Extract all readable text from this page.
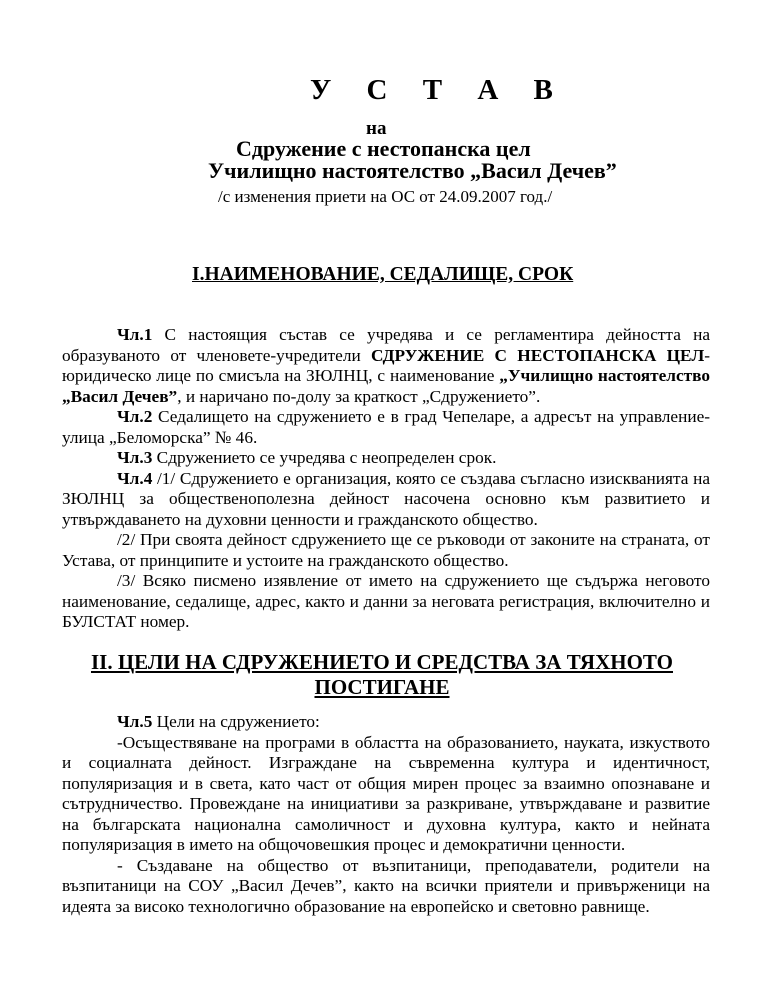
У С Т А В
на
Сдружение с нестопанска цел
Училищно настоятелство „Васил Дечев”
/с изменения приети на ОС от 24.09.2007 год./
I.НАИМЕНОВАНИЕ, СЕДАЛИЩЕ, СРОК

Чл.1 С настоящия състав се учредява и се регламентира дейността на образуваното от членовете-учредители СДРУЖЕНИЕ С НЕСТОПАНСКА ЦЕЛ-юридическо лице по смисъла на ЗЮЛНЦ, с наименование „Училищно настоятелство „Васил Дечев”, и наричано по-долу за краткост „Сдружението”.

Чл.2 Седалището на сдружението е в град Чепеларе, а адресът на управление-улица „Беломорска” № 46.

Чл.3 Сдружението се учредява с неопределен срок.

Чл.4 /1/ Сдружението е организация, която се създава съгласно изискванията на ЗЮЛНЦ за общественополезна дейност насочена основно към развитието и утвърждаването на духовни ценности и гражданското общество.

/2/ При своята дейност сдружението ще се ръководи от законите на страната, от Устава, от принципите и устоите на гражданското общество.

/3/ Всяко писмено изявление от името на сдружението ще съдържа неговото наименование, седалище, адрес, както и данни за неговата регистрация, включително и БУЛСТАТ номер.

II. ЦЕЛИ НА СДРУЖЕНИЕТО И СРЕДСТВА ЗА ТЯХНОТО
ПОСТИГАНЕ

Чл.5 Цели на сдружението:

-Осъществяване на програми в областта на образованието, науката, изкуството и социалната дейност. Изграждане на съвременна култура и идентичност, популяризация и в света, като част от общия мирен процес за взаимно опознаване и сътрудничество. Провеждане на инициативи за разкриване, утвърждаване и развитие на българската национална самоличност и духовна култура, както и нейната популяризация в името на общочовешкия процес и демократични ценности.

- Създаване на общество от възпитаници, преподаватели, родители на възпитаници на СОУ „Васил Дечев”, както на всички приятели и привърженици на идеята за високо технологично образование на европейско и световно равнище.
